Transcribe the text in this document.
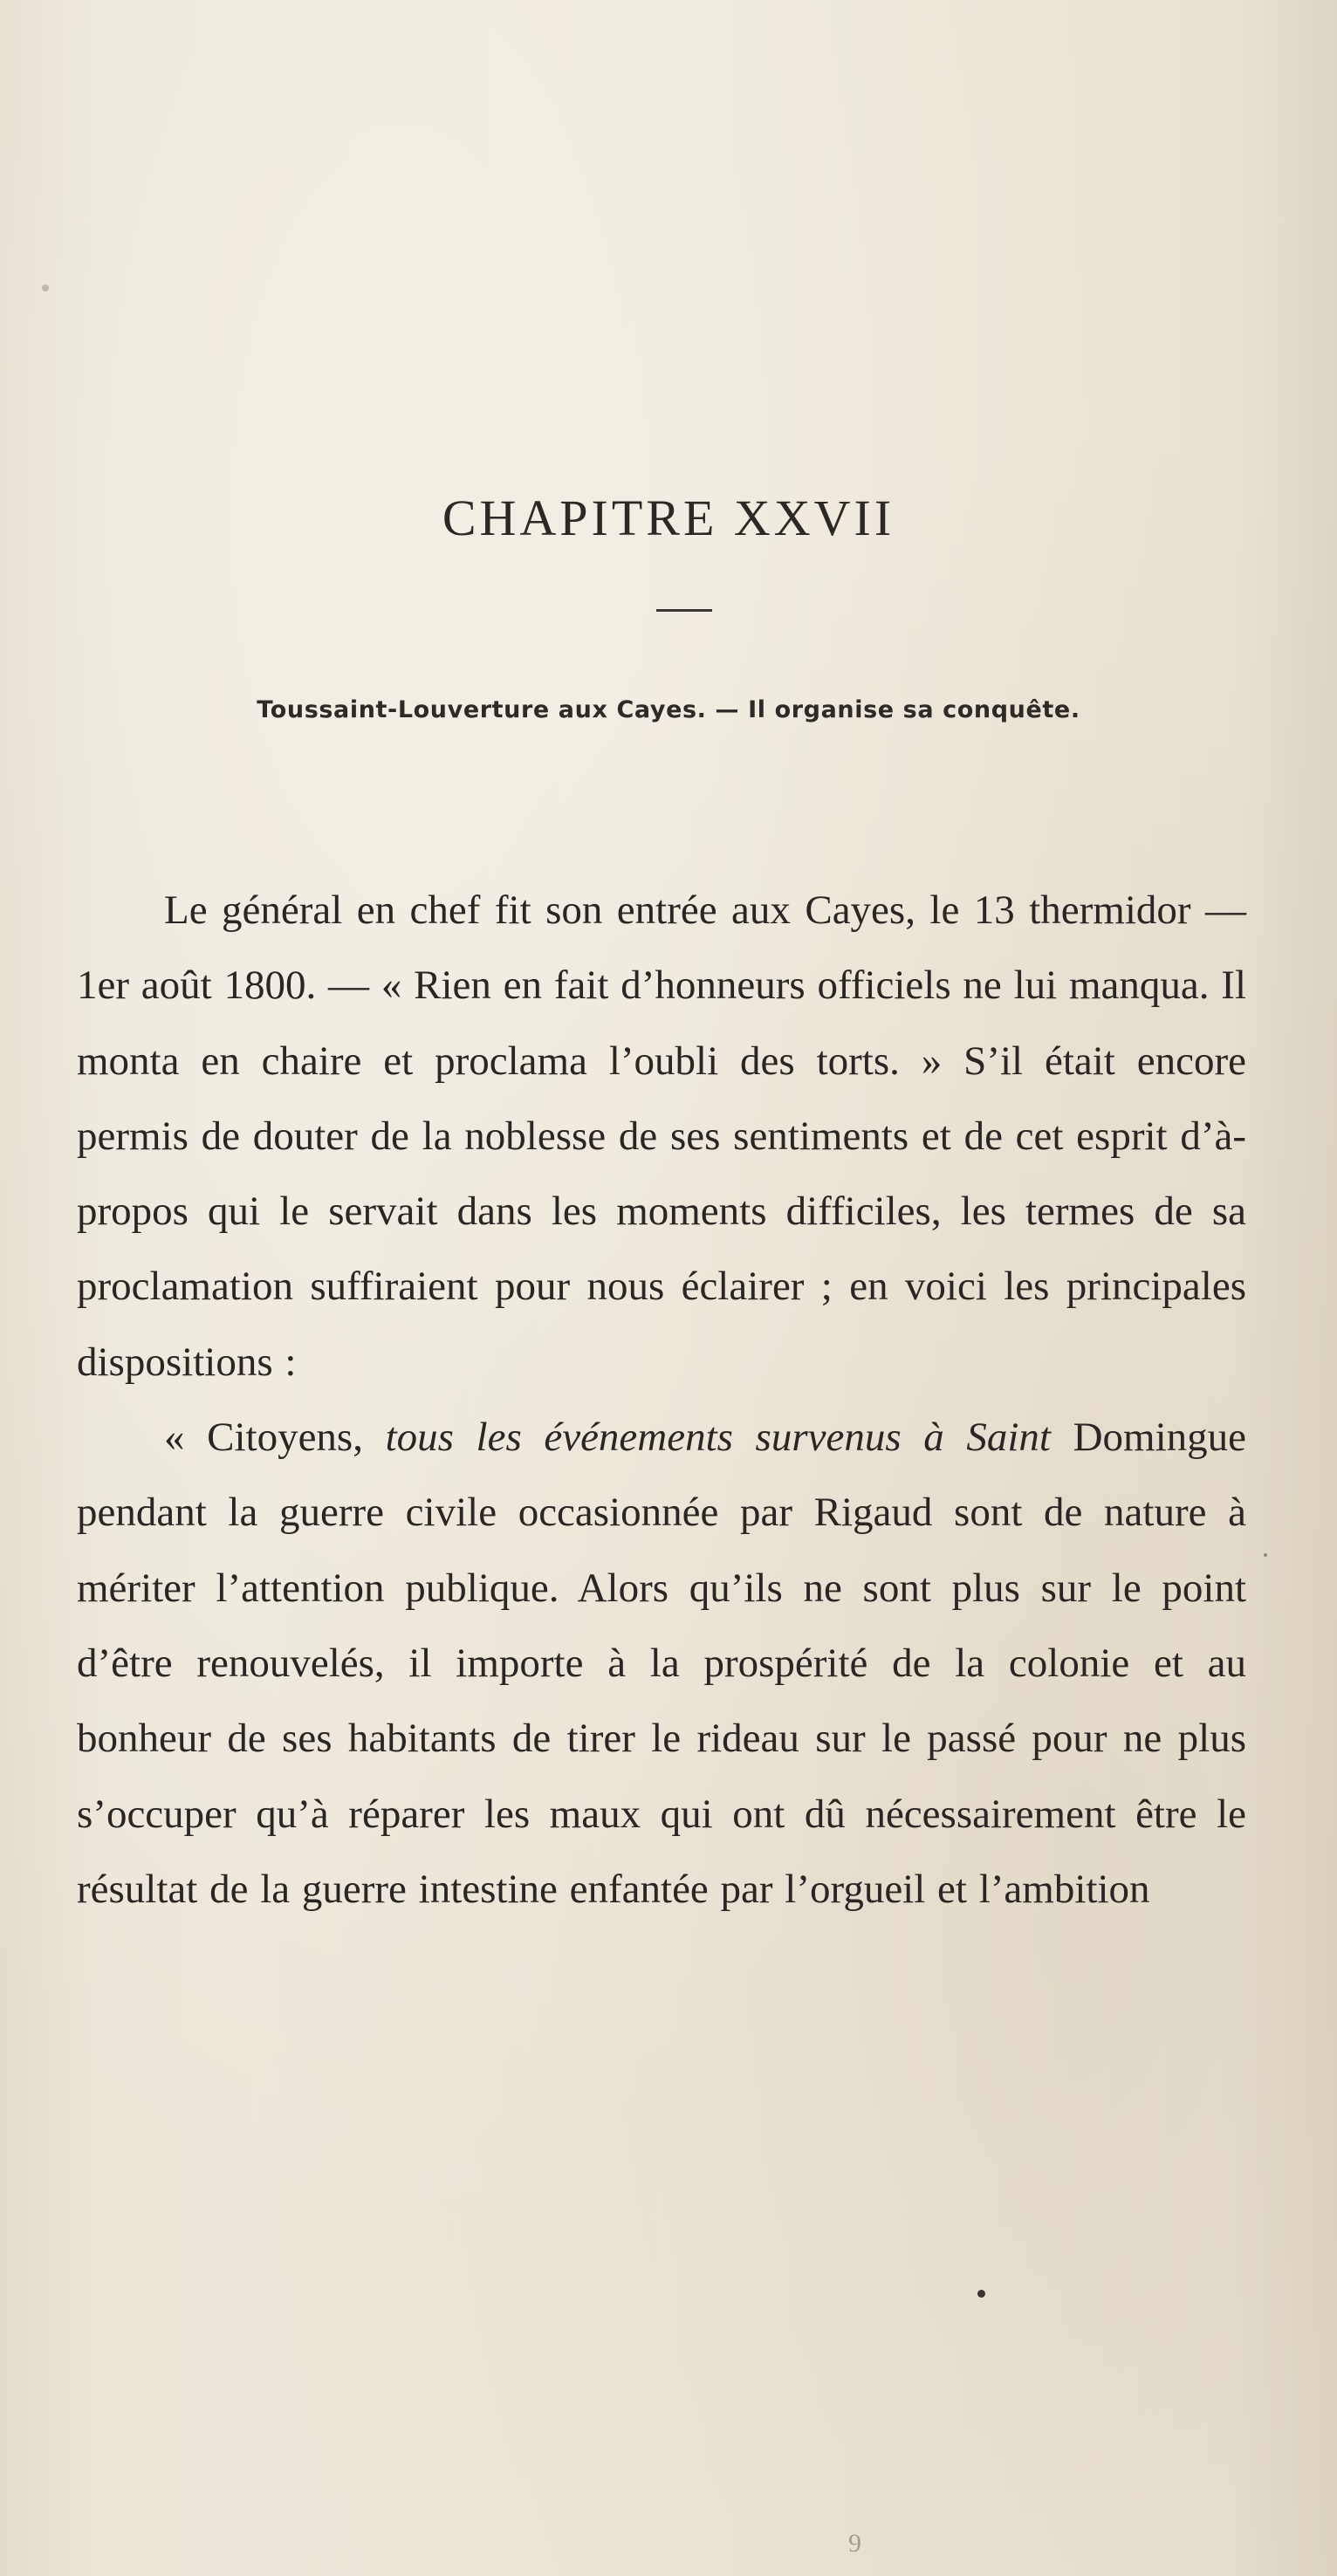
CHAPITRE XXVII
Toussaint-Louverture aux Cayes. — Il organise sa conquête.

Le général en chef fit son entrée aux Cayes, le 13 thermidor — 1er août 1800. — « Rien en fait d’honneurs officiels ne lui manqua. Il monta en chaire et proclama l’oubli des torts. » S’il était encore permis de douter de la noblesse de ses sentiments et de cet esprit d’à-propos qui le servait dans les moments difficiles, les termes de sa proclamation suffiraient pour nous éclairer ; en voici les principales dispositions :

« Citoyens, tous les événements survenus à Saint Domingue pendant la guerre civile occasionnée par Rigaud sont de nature à mériter l’attention publique. Alors qu’ils ne sont plus sur le point d’être renouvelés, il importe à la prospérité de la colonie et au bonheur de ses habitants de tirer le rideau sur le passé pour ne plus s’occuper qu’à réparer les maux qui ont dû nécessairement être le résultat de la guerre intestine enfantée par l’orgueil et l’ambition

9
